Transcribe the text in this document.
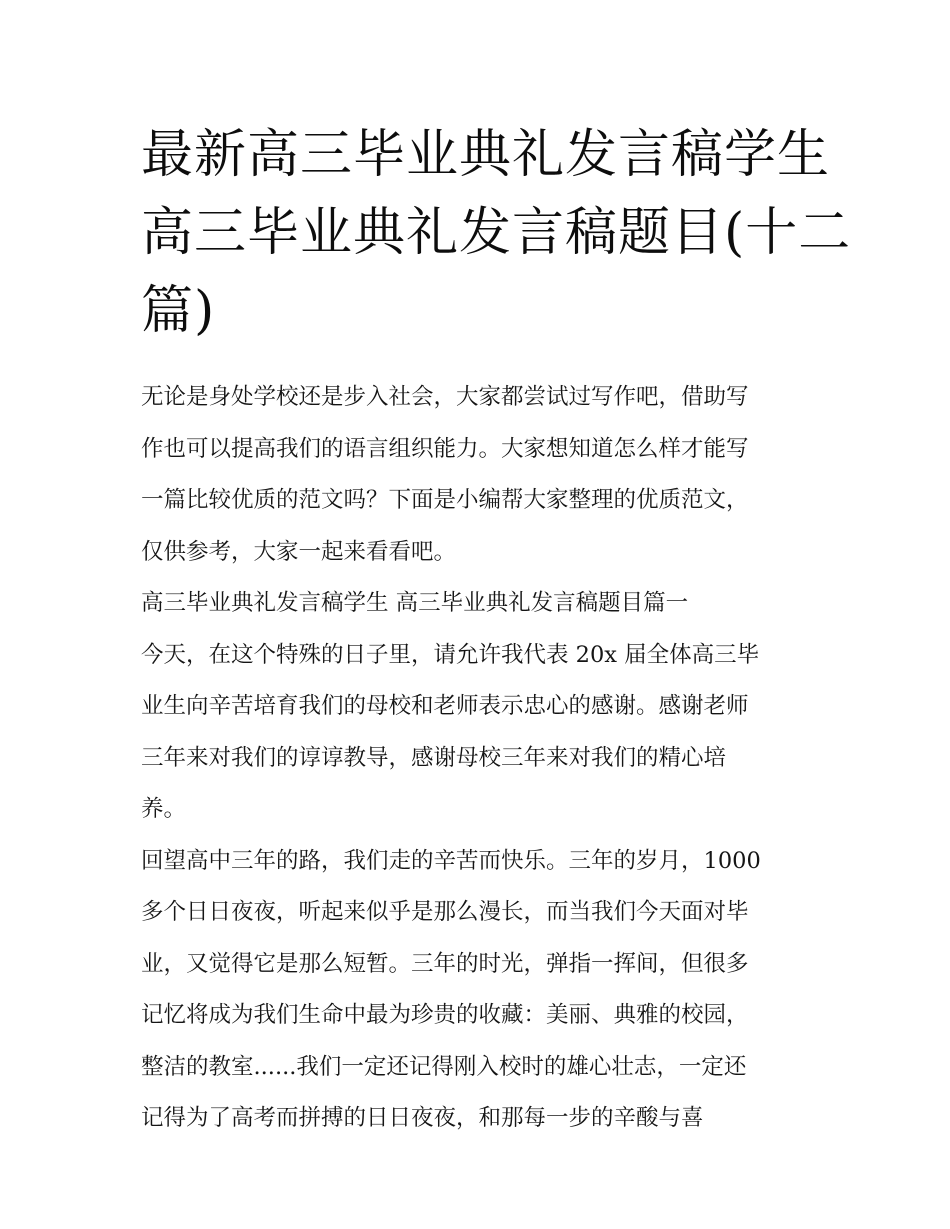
最新高三毕业典礼发言稿学生
高三毕业典礼发言稿题目(十二
篇)

无论是身处学校还是步入社会，大家都尝试过写作吧，借助写
作也可以提高我们的语言组织能力。大家想知道怎么样才能写
一篇比较优质的范文吗？下面是小编帮大家整理的优质范文，
仅供参考，大家一起来看看吧。

高三毕业典礼发言稿学生 高三毕业典礼发言稿题目篇一

今天，在这个特殊的日子里，请允许我代表 20x 届全体高三毕
业生向辛苦培育我们的母校和老师表示忠心的感谢。感谢老师
三年来对我们的谆谆教导，感谢母校三年来对我们的精心培
养。

回望高中三年的路，我们走的辛苦而快乐。三年的岁月，1000
多个日日夜夜，听起来似乎是那么漫长，而当我们今天面对毕
业，又觉得它是那么短暂。三年的时光，弹指一挥间，但很多
记忆将成为我们生命中最为珍贵的收藏：美丽、典雅的校园，
整洁的教室......我们一定还记得刚入校时的雄心壮志，一定还
记得为了高考而拼搏的日日夜夜，和那每一步的辛酸与喜
